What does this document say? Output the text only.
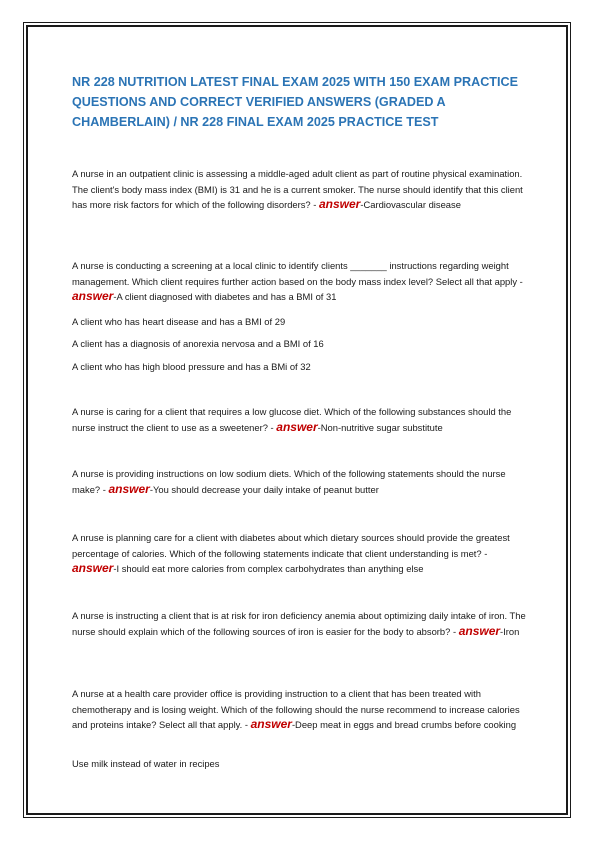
NR 228 NUTRITION LATEST FINAL EXAM 2025 WITH 150 EXAM PRACTICE QUESTIONS AND CORRECT VERIFIED ANSWERS (GRADED A CHAMBERLAIN) / NR 228 FINAL EXAM 2025 PRACTICE TEST

A nurse in an outpatient clinic is assessing a middle-aged adult client as part of routine physical examination. The client's body mass index (BMI) is 31 and he is a current smoker. The nurse should identify that this client has more risk factors for which of the following disorders? - answer-Cardiovascular disease

A nurse is conducting a screening at a local clinic to identify clients _______ instructions regarding weight management. Which client requires further action based on the body mass index level? Select all that apply - answer-A client diagnosed with diabetes and has a BMI of 31

A client who has heart disease and has a BMI of 29

A client has a diagnosis of anorexia nervosa and a BMI of 16

A client who has high blood pressure and has a BMi of 32

A nurse is caring for a client that requires a low glucose diet. Which of the following substances should the nurse instruct the client to use as a sweetener? - answer-Non-nutritive sugar substitute

A nurse is providing instructions on low sodium diets. Which of the following statements should the nurse make? - answer-You should decrease your daily intake of peanut butter

A nruse is planning care for a client with diabetes about which dietary sources should provide the greatest percentage of calories. Which of the following statements indicate that client understanding is met? - answer-I should eat more calories from complex carbohydrates than anything else

A nurse is instructing a client that is at risk for iron deficiency anemia about optimizing daily intake of iron. The nurse should explain which of the following sources of iron is easier for the body to absorb? - answer-Iron

A nurse at a health care provider office is providing instruction to a client that has been treated with chemotherapy and is losing weight. Which of the following should the nurse recommend to increase calories and proteins intake? Select all that apply. - answer-Deep meat in eggs and bread crumbs before cooking

Use milk instead of water in recipes
